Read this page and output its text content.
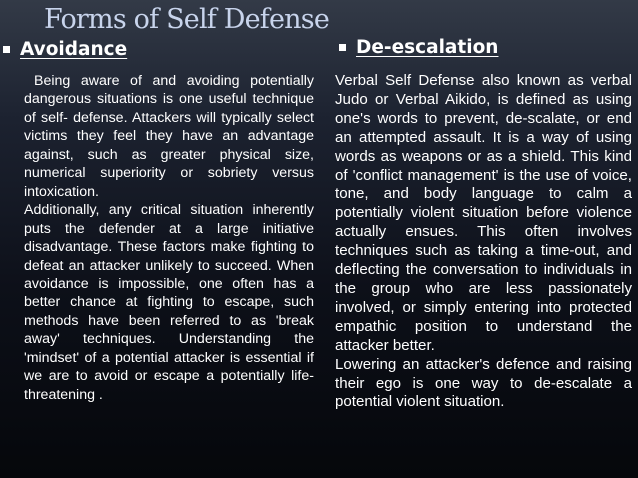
Forms of Self Defense
Avoidance	De-escalation

Being aware of and avoiding potentially dangerous situations is one useful technique of self- defense. Attackers will typically select victims they feel they have an advantage against, such as greater physical size, numerical superiority or sobriety versus intoxication.

Additionally, any critical situation inherently puts the defender at a large initiative disadvantage. These factors make fighting to defeat an attacker unlikely to succeed. When avoidance is impossible, one often has a better chance at fighting to escape, such methods have been referred to as 'break away' techniques. Understanding the 'mindset' of a potential attacker is essential if we are to avoid or escape a potentially life-threatening .

Verbal Self Defense also known as verbal Judo or Verbal Aikido, is defined as using one's words to prevent, de-scalate, or end an attempted assault. It is a way of using words as weapons or as a shield. This kind of 'conflict management' is the use of voice, tone, and body language to calm a potentially violent situation before violence actually ensues. This often involves techniques such as taking a time-out, and deflecting the conversation to individuals in the group who are less passionately involved, or simply entering into protected empathic position to understand the attacker better.

Lowering an attacker's defence and raising their ego is one way to de-escalate a potential violent situation.
